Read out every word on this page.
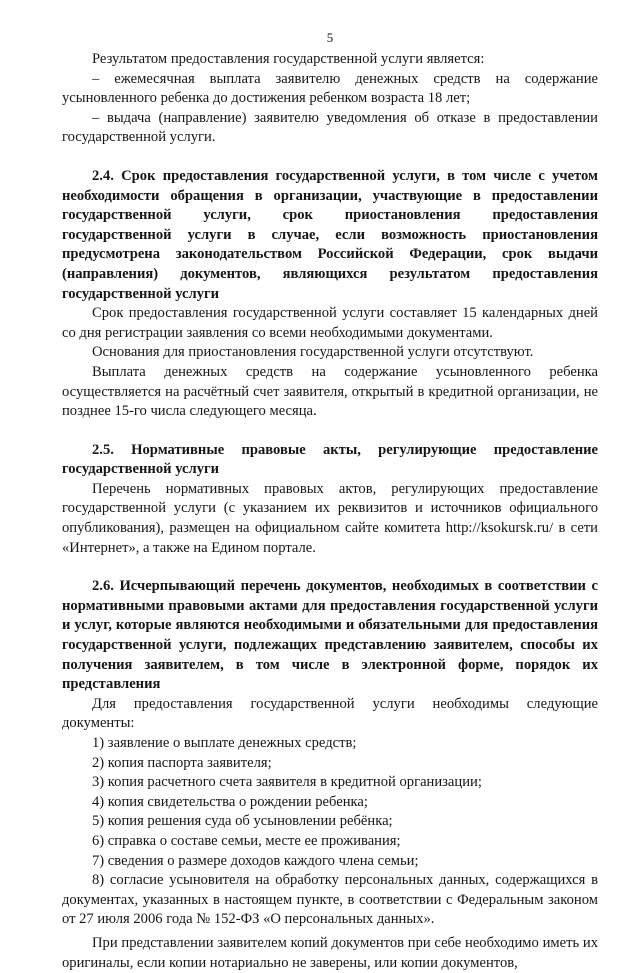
5

Результатом предоставления государственной услуги является:

– ежемесячная выплата заявителю денежных средств на содержание усыновленного ребенка до достижения ребенком возраста 18 лет;

– выдача (направление) заявителю уведомления об отказе в предоставлении государственной услуги.

2.4. Срок предоставления государственной услуги, в том числе с учетом необходимости обращения в организации, участвующие в предоставлении государственной услуги, срок приостановления предоставления государственной услуги в случае, если возможность приостановления предусмотрена законодательством Российской Федерации, срок выдачи (направления) документов, являющихся результатом предоставления государственной услуги

Срок предоставления государственной услуги составляет 15 календарных дней со дня регистрации заявления со всеми необходимыми документами.

Основания для приостановления государственной услуги отсутствуют.

Выплата денежных средств на содержание усыновленного ребенка осуществляется на расчётный счет заявителя, открытый в кредитной организации, не позднее 15-го числа следующего месяца.

2.5. Нормативные правовые акты, регулирующие предоставление государственной услуги

Перечень нормативных правовых актов, регулирующих предоставление государственной услуги (с указанием их реквизитов и источников официального опубликования), размещен на официальном сайте комитета http://ksokursk.ru/ в сети «Интернет», а также на Едином портале.

2.6. Исчерпывающий перечень документов, необходимых в соответствии с нормативными правовыми актами для предоставления государственной услуги и услуг, которые являются необходимыми и обязательными для предоставления государственной услуги, подлежащих представлению заявителем, способы их получения заявителем, в том числе в электронной форме, порядок их представления

Для предоставления государственной услуги необходимы следующие документы:

1) заявление о выплате денежных средств;

2) копия паспорта заявителя;

3) копия расчетного счета заявителя в кредитной организации;

4) копия свидетельства о рождении ребенка;

5) копия решения суда об усыновлении ребёнка;

6) справка о составе семьи, месте ее проживания;

7) сведения о размере доходов каждого члена семьи;

8) согласие усыновителя на обработку персональных данных, содержащихся в документах, указанных в настоящем пункте, в соответствии с Федеральным законом от 27 июля 2006 года № 152-ФЗ «О персональных данных».

При представлении заявителем копий документов при себе необходимо иметь их оригиналы, если копии нотариально не заверены, или копии документов,
